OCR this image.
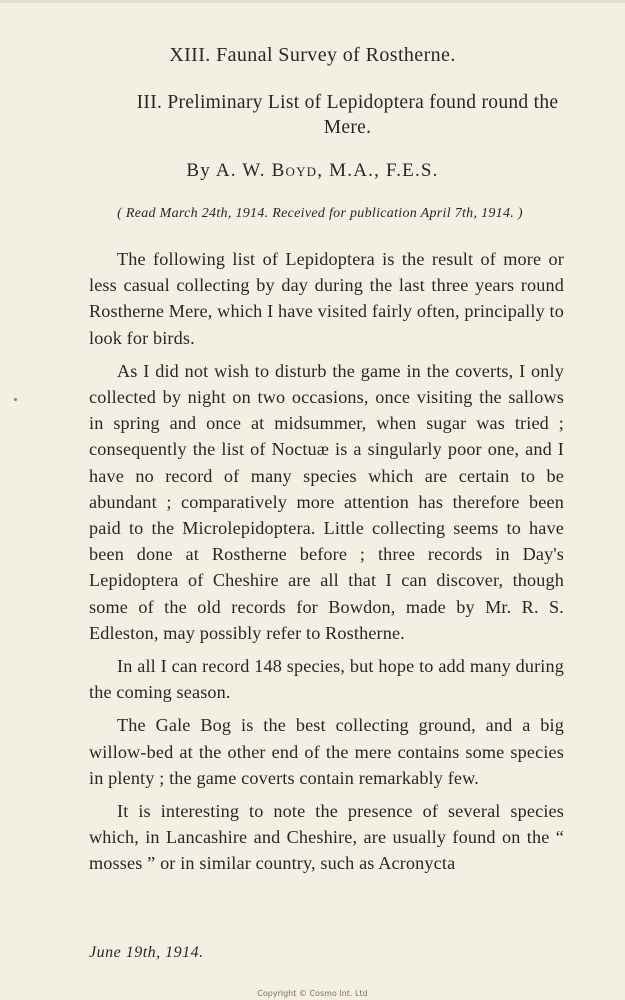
XIII. Faunal Survey of Rostherne.
III. Preliminary List of Lepidoptera found round the Mere.
By A. W. Boyd, M.A., F.E.S.
( Read March 24th, 1914. Received for publication April 7th, 1914. )

The following list of Lepidoptera is the result of more or less casual collecting by day during the last three years round Rostherne Mere, which I have visited fairly often, principally to look for birds.

As I did not wish to disturb the game in the coverts, I only collected by night on two occasions, once visiting the sallows in spring and once at midsummer, when sugar was tried ; consequently the list of Noctuæ is a singularly poor one, and I have no record of many species which are certain to be abundant ; comparatively more attention has therefore been paid to the Microlepidoptera. Little collecting seems to have been done at Rostherne before ; three records in Day's Lepidoptera of Cheshire are all that I can discover, though some of the old records for Bowdon, made by Mr. R. S. Edleston, may possibly refer to Rostherne.

In all I can record 148 species, but hope to add many during the coming season.

The Gale Bog is the best collecting ground, and a big willow-bed at the other end of the mere contains some species in plenty ; the game coverts contain remarkably few.

It is interesting to note the presence of several species which, in Lancashire and Cheshire, are usually found on the “ mosses ” or in similar country, such as Acronycta

June 19th, 1914.
Copyright © Cosmo Int. Ltd
